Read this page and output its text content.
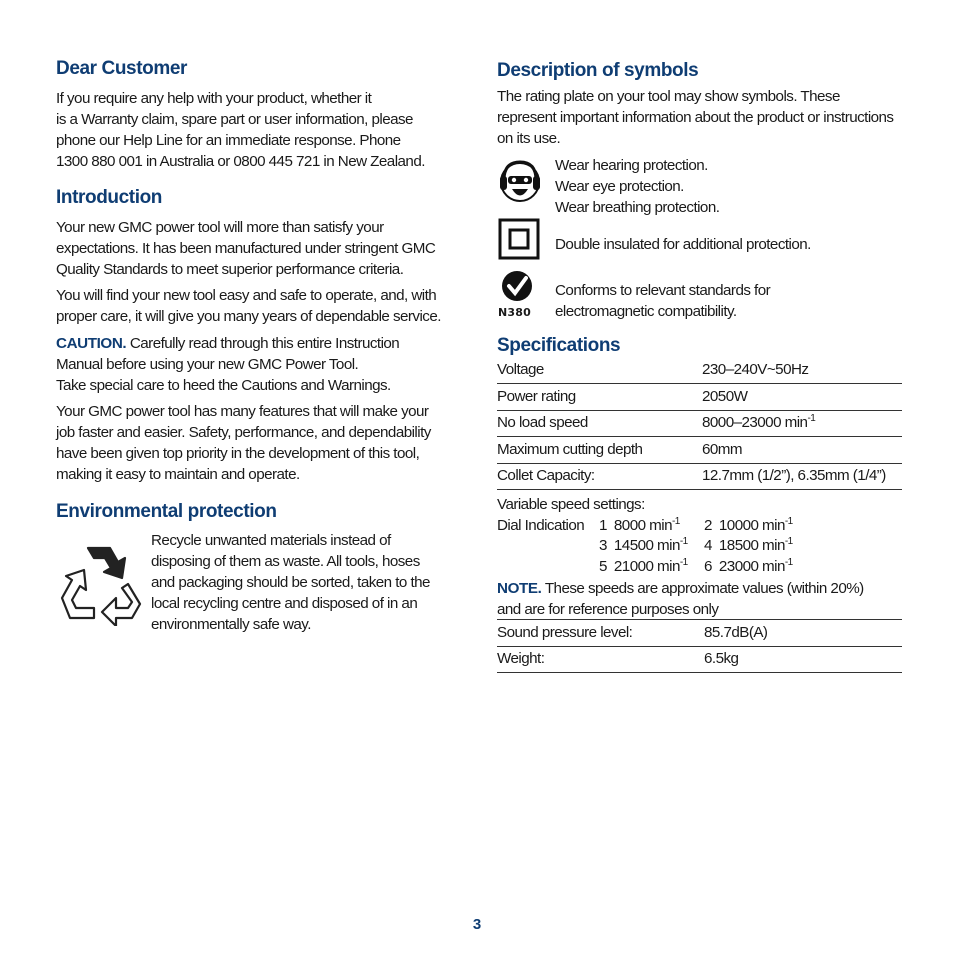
Dear Customer
If you require any help with your product, whether it
is a Warranty claim, spare part or user information, please
phone our Help Line for an immediate response. Phone
1300 880 001 in Australia or 0800 445 721 in New Zealand.
Introduction
Your new GMC power tool will more than satisfy your
expectations. It has been manufactured under stringent GMC
Quality Standards to meet superior performance criteria.
You will find your new tool easy and safe to operate, and, with
proper care, it will give you many years of dependable service.
CAUTION. Carefully read through this entire Instruction
Manual before using your new GMC Power Tool.
Take special care to heed the Cautions and Warnings.
Your GMC power tool has many features that will make your
job faster and easier. Safety, performance, and dependability
have been given top priority in the development of this tool,
making it easy to maintain and operate.
Environmental protection
Recycle unwanted materials instead of
disposing of them as waste. All tools, hoses
and packaging should be sorted, taken to the
local recycling centre and disposed of in an
environmentally safe way.
Description of symbols
The rating plate on your tool may show symbols. These
represent important information about the product or instructions
on its use.
Wear hearing protection.
Wear eye protection.
Wear breathing protection.
Double insulated for additional protection.
N380
Conforms to relevant standards for
electromagnetic compatibility.
Specifications
Voltage	230–240V~50Hz
Power rating	2050W
No load speed	8000–23000 $\min^{-1}$
Maximum cutting depth	60mm
Collet Capacity:	12.7mm (1/2”), 6.35mm (1/4”)
Variable speed settings:
Dial Indication 1 8000 $\min^{-1} 2$ 10000 $\min^{-1}$
3 14500 $\min^{-1} 4$ 18500 $\min^{-1}$
5 21000 $\min^{-1} 6$ 23000 $\min^{-1}$
NOTE. These speeds are approximate values (within 20%)
and are for reference purposes only
Sound pressure level:	85.7dB(A)
Weight:	6.5kg
3
